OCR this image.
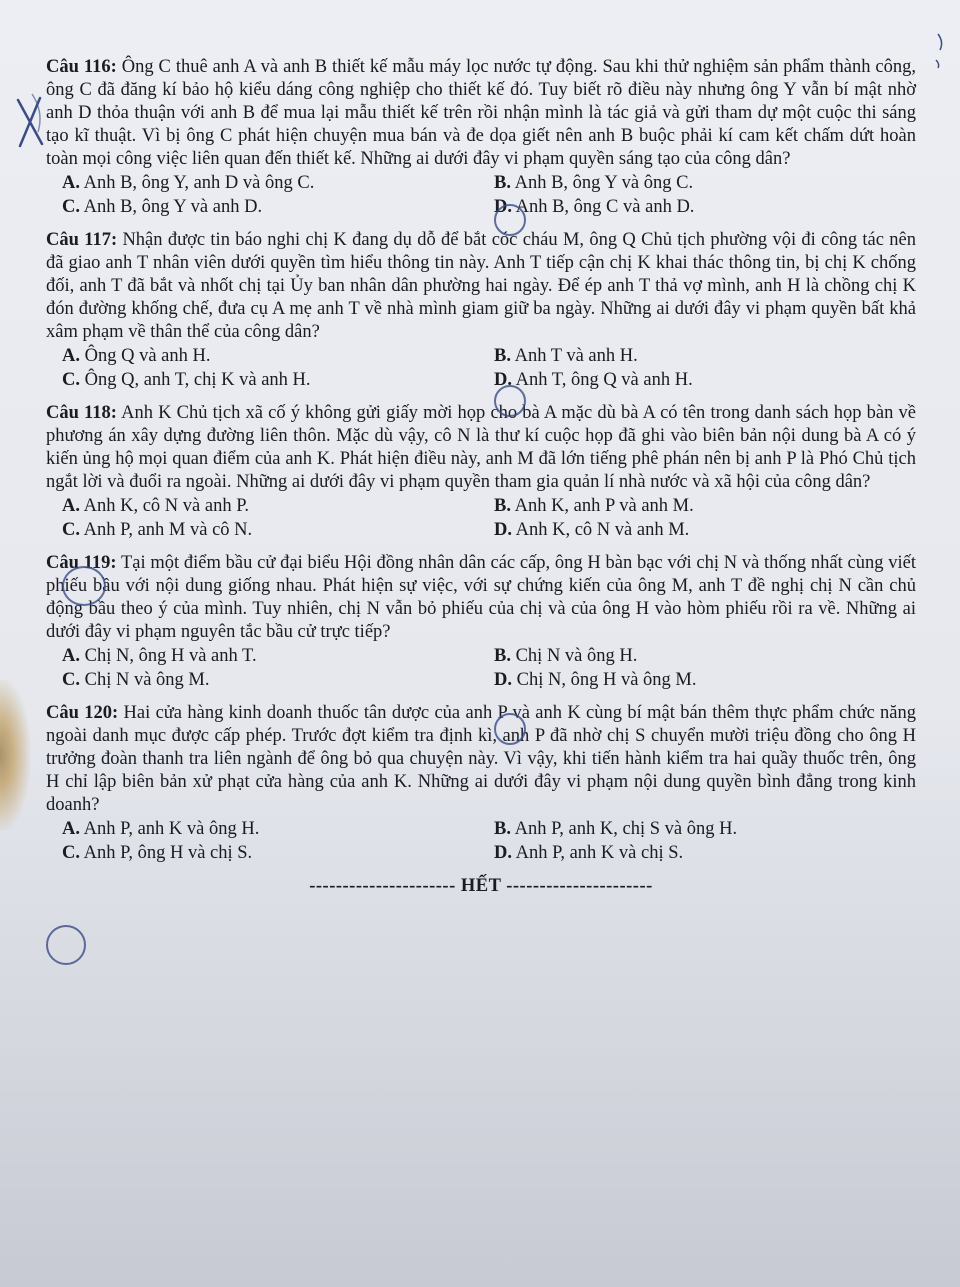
Câu 116: Ông C thuê anh A và anh B thiết kế mẫu máy lọc nước tự động. Sau khi thử nghiệm sản phẩm thành công, ông C đã đăng kí bảo hộ kiểu dáng công nghiệp cho thiết kế đó. Tuy biết rõ điều này nhưng ông Y vẫn bí mật nhờ anh D thỏa thuận với anh B để mua lại mẫu thiết kế trên rồi nhận mình là tác giả và gửi tham dự một cuộc thi sáng tạo kĩ thuật. Vì bị ông C phát hiện chuyện mua bán và đe dọa giết nên anh B buộc phải kí cam kết chấm dứt hoàn toàn mọi công việc liên quan đến thiết kế. Những ai dưới đây vi phạm quyền sáng tạo của công dân?
A. Anh B, ông Y, anh D và ông C.	B. Anh B, ông Y và ông C.
C. Anh B, ông Y và anh D.	D. Anh B, ông C và anh D.
Câu 117: Nhận được tin báo nghi chị K đang dụ dỗ để bắt cóc cháu M, ông Q Chủ tịch phường vội đi công tác nên đã giao anh T nhân viên dưới quyền tìm hiểu thông tin này. Anh T tiếp cận chị K khai thác thông tin, bị chị K chống đối, anh T đã bắt và nhốt chị tại Ủy ban nhân dân phường hai ngày. Để ép anh T thả vợ mình, anh H là chồng chị K đón đường khống chế, đưa cụ A mẹ anh T về nhà mình giam giữ ba ngày. Những ai dưới đây vi phạm quyền bất khả xâm phạm về thân thể của công dân?
A. Ông Q và anh H.	B. Anh T và anh H.
C. Ông Q, anh T, chị K và anh H.	D. Anh T, ông Q và anh H.
Câu 118: Anh K Chủ tịch xã cố ý không gửi giấy mời họp cho bà A mặc dù bà A có tên trong danh sách họp bàn về phương án xây dựng đường liên thôn. Mặc dù vậy, cô N là thư kí cuộc họp đã ghi vào biên bản nội dung bà A có ý kiến ủng hộ mọi quan điểm của anh K. Phát hiện điều này, anh M đã lớn tiếng phê phán nên bị anh P là Phó Chủ tịch ngắt lời và đuổi ra ngoài. Những ai dưới đây vi phạm quyền tham gia quản lí nhà nước và xã hội của công dân?
A. Anh K, cô N và anh P.	B. Anh K, anh P và anh M.
C. Anh P, anh M và cô N.	D. Anh K, cô N và anh M.
Câu 119: Tại một điểm bầu cử đại biểu Hội đồng nhân dân các cấp, ông H bàn bạc với chị N và thống nhất cùng viết phiếu bầu với nội dung giống nhau. Phát hiện sự việc, với sự chứng kiến của ông M, anh T đề nghị chị N cần chủ động bầu theo ý của mình. Tuy nhiên, chị N vẫn bỏ phiếu của chị và của ông H vào hòm phiếu rồi ra về. Những ai dưới đây vi phạm nguyên tắc bầu cử trực tiếp?
A. Chị N, ông H và anh T.	B. Chị N và ông H.
C. Chị N và ông M.	D. Chị N, ông H và ông M.
Câu 120: Hai cửa hàng kinh doanh thuốc tân dược của anh P và anh K cùng bí mật bán thêm thực phẩm chức năng ngoài danh mục được cấp phép. Trước đợt kiểm tra định kì, anh P đã nhờ chị S chuyển mười triệu đồng cho ông H trưởng đoàn thanh tra liên ngành để ông bỏ qua chuyện này. Vì vậy, khi tiến hành kiểm tra hai quầy thuốc trên, ông H chỉ lập biên bản xử phạt cửa hàng của anh K. Những ai dưới đây vi phạm nội dung quyền bình đẳng trong kinh doanh?
A. Anh P, anh K và ông H.	B. Anh P, anh K, chị S và ông H.
C. Anh P, ông H và chị S.	D. Anh P, anh K và chị S.
---------------------- HẾT ----------------------
